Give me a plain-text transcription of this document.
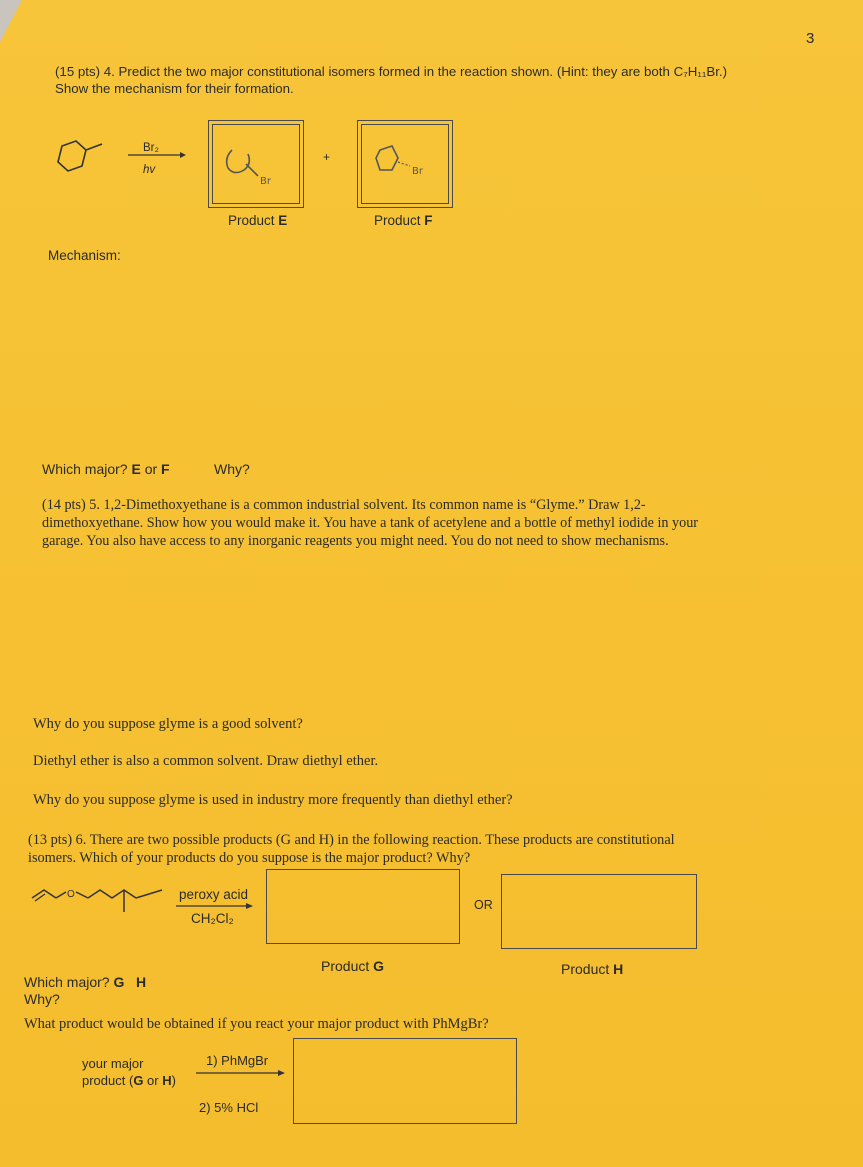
3
(15 pts) 4. Predict the two major constitutional isomers formed in the reaction shown. (Hint: they are both C₇H₁₁Br.)
Show the mechanism for their formation.
Br₂
hv
Br
+
Br
Product E	Product F
Mechanism:
Which major? E or F	Why?
(14 pts) 5. 1,2-Dimethoxyethane is a common industrial solvent. Its common name is “Glyme.” Draw 1,2-
dimethoxyethane. Show how you would make it. You have a tank of acetylene and a bottle of methyl iodide in your
garage. You also have access to any inorganic reagents you might need. You do not need to show mechanisms.
Why do you suppose glyme is a good solvent?
Diethyl ether is also a common solvent. Draw diethyl ether.
Why do you suppose glyme is used in industry more frequently than diethyl ether?
(13 pts) 6. There are two possible products (G and H) in the following reaction. These products are constitutional
isomers. Which of your products do you suppose is the major product? Why?
O	peroxy acid
CH₂Cl₂
OR
Product G	Product H
Which major? G H
Why?
What product would be obtained if you react your major product with PhMgBr?
your major
product (G or H)
1) PhMgBr
2) 5% HCl
